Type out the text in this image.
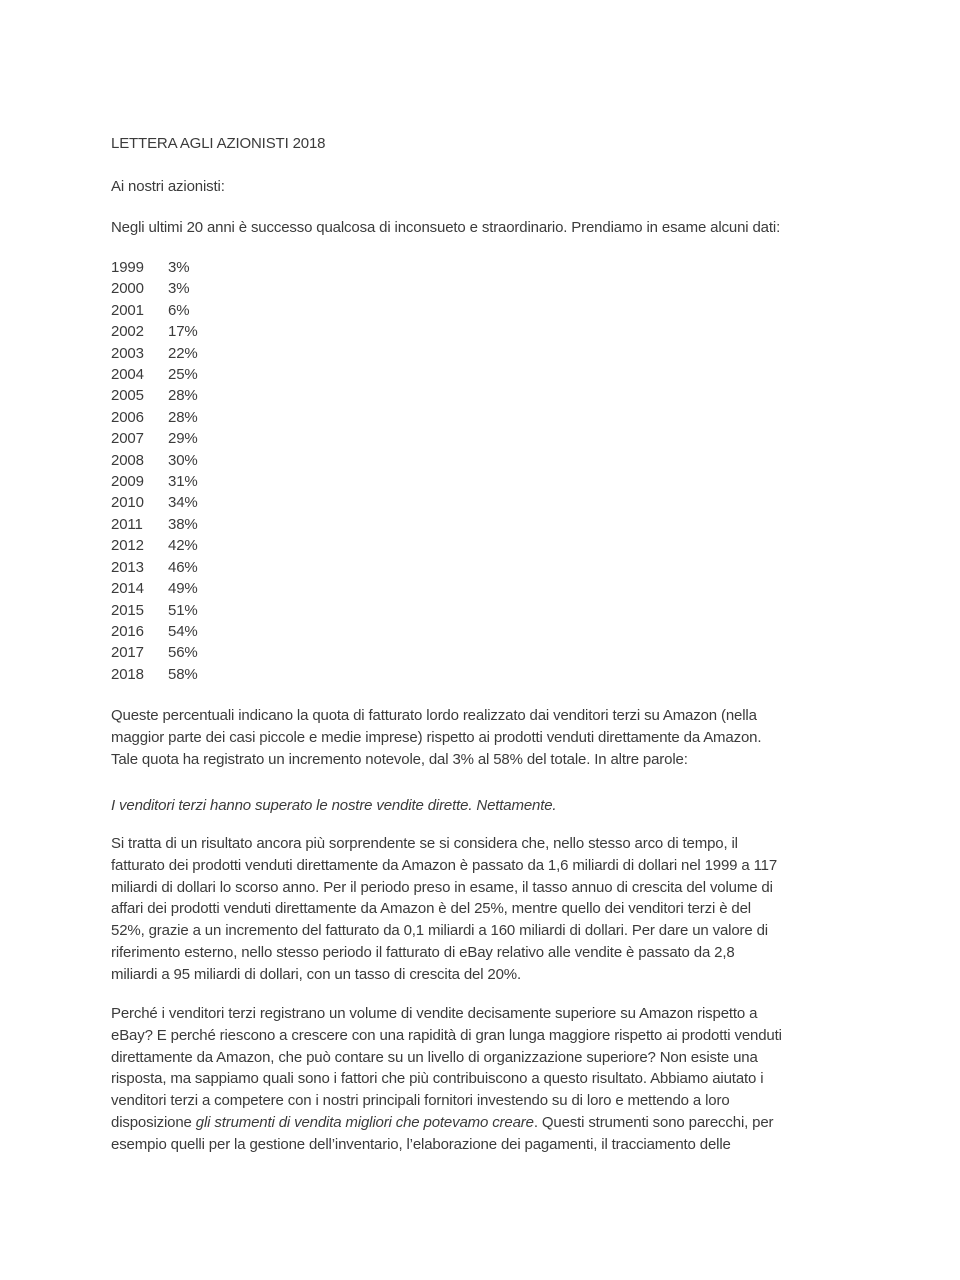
LETTERA AGLI AZIONISTI 2018
Ai nostri azionisti:
Negli ultimi 20 anni è successo qualcosa di inconsueto e straordinario. Prendiamo in esame alcuni dati:
1999 3%
2000 3%
2001 6%
2002 17%
2003 22%
2004 25%
2005 28%
2006 28%
2007 29%
2008 30%
2009 31%
2010 34%
2011 38%
2012 42%
2013 46%
2014 49%
2015 51%
2016 54%
2017 56%
2018 58%
Queste percentuali indicano la quota di fatturato lordo realizzato dai venditori terzi su Amazon (nella
maggior parte dei casi piccole e medie imprese) rispetto ai prodotti venduti direttamente da Amazon.
Tale quota ha registrato un incremento notevole, dal 3% al 58% del totale. In altre parole:
I venditori terzi hanno superato le nostre vendite dirette. Nettamente.
Si tratta di un risultato ancora più sorprendente se si considera che, nello stesso arco di tempo, il
fatturato dei prodotti venduti direttamente da Amazon è passato da 1,6 miliardi di dollari nel 1999 a 117
miliardi di dollari lo scorso anno. Per il periodo preso in esame, il tasso annuo di crescita del volume di
affari dei prodotti venduti direttamente da Amazon è del 25%, mentre quello dei venditori terzi è del
52%, grazie a un incremento del fatturato da 0,1 miliardi a 160 miliardi di dollari. Per dare un valore di
riferimento esterno, nello stesso periodo il fatturato di eBay relativo alle vendite è passato da 2,8
miliardi a 95 miliardi di dollari, con un tasso di crescita del 20%.
Perché i venditori terzi registrano un volume di vendite decisamente superiore su Amazon rispetto a
eBay? E perché riescono a crescere con una rapidità di gran lunga maggiore rispetto ai prodotti venduti
direttamente da Amazon, che può contare su un livello di organizzazione superiore? Non esiste una
risposta, ma sappiamo quali sono i fattori che più contribuiscono a questo risultato. Abbiamo aiutato i
venditori terzi a competere con i nostri principali fornitori investendo su di loro e mettendo a loro
disposizione gli strumenti di vendita migliori che potevamo creare. Questi strumenti sono parecchi, per
esempio quelli per la gestione dell’inventario, l’elaborazione dei pagamenti, il tracciamento delle
